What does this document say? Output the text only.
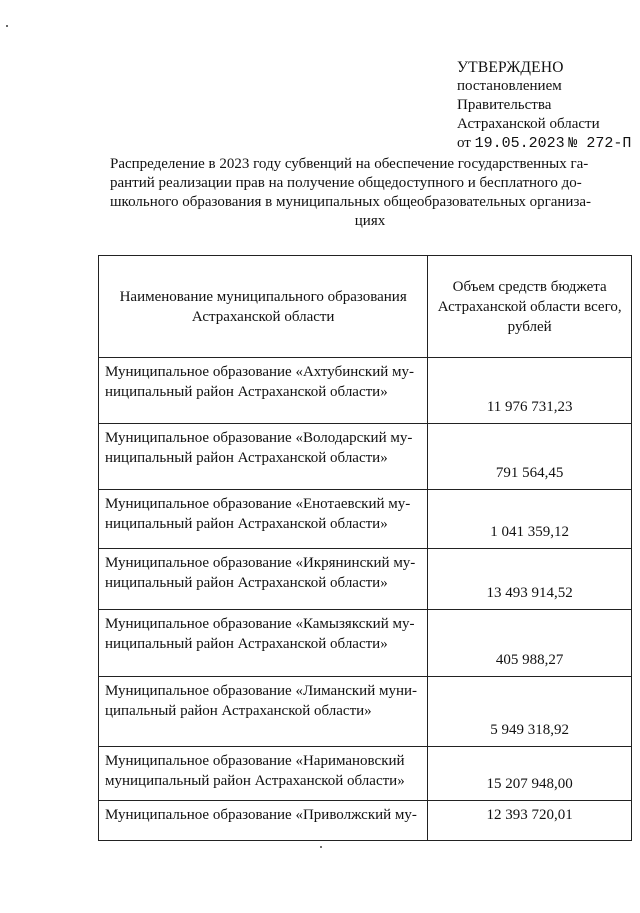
УТВЕРЖДЕНО
постановлением
Правительства
Астраханской области
от 19.05.2023 № 272-П
Распределение в 2023 году субвенций на обеспечение государственных га-
рантий реализации прав на получение общедоступного и бесплатного до-
школьного образования в муниципальных общеобразовательных организа-
циях
Наименование муниципального образования Астраханской области	Объем средств бюджета Астраханской области всего, рублей

Муниципальное образование «Ахтубинский му-
ниципальный район Астраханской области»	11 976 731,23

Муниципальное образование «Володарский му-
ниципальный район Астраханской области»	791 564,45

Муниципальное образование «Енотаевский му-
ниципальный район Астраханской области»	1 041 359,12

Муниципальное образование «Икрянинский му-
ниципальный район Астраханской области»	13 493 914,52

Муниципальное образование «Камызякский му-
ниципальный район Астраханской области»	405 988,27

Муниципальное образование «Лиманский муни-
ципальный район Астраханской области»	5 949 318,92

Муниципальное образование «Наримановский
муниципальный район Астраханской области»	15 207 948,00

Муниципальное образование «Приволжский му-	12 393 720,01
